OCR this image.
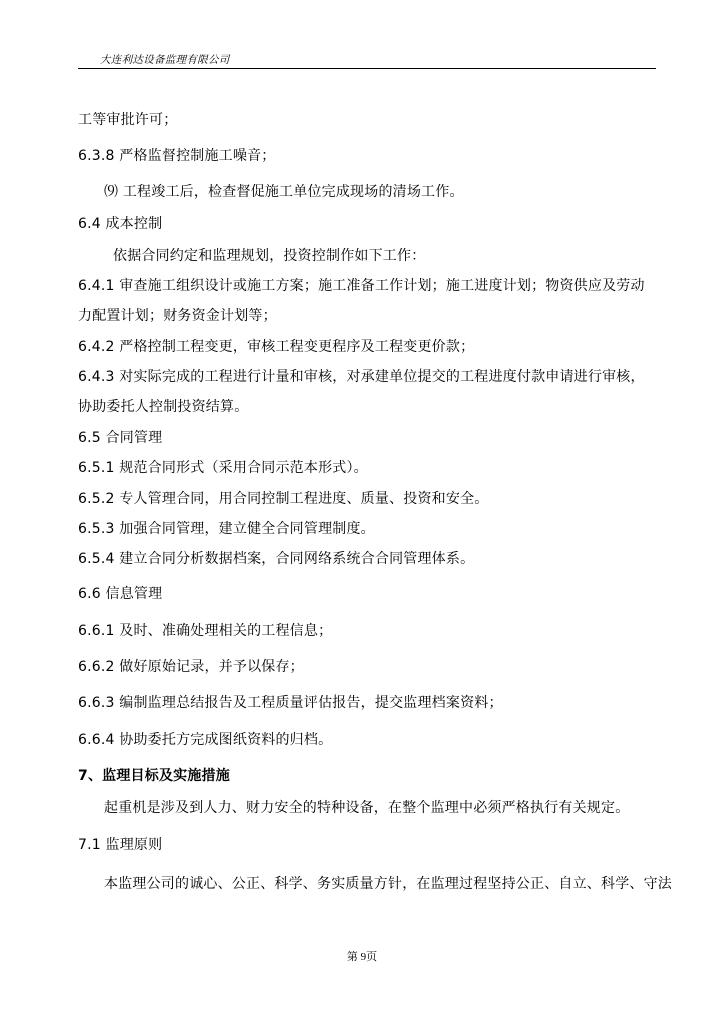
大连利达设备监理有限公司
工等审批许可；
6.3.8 严格监督控制施工噪音；
⑼ 工程竣工后，检查督促施工单位完成现场的清场工作。
6.4 成本控制
依据合同约定和监理规划，投资控制作如下工作：
6.4.1 审查施工组织设计或施工方案；施工准备工作计划；施工进度计划；物资供应及劳动
力配置计划；财务资金计划等；
6.4.2 严格控制工程变更，审核工程变更程序及工程变更价款；
6.4.3 对实际完成的工程进行计量和审核，对承建单位提交的工程进度付款申请进行审核，
协助委托人控制投资结算。
6.5 合同管理
6.5.1 规范合同形式（采用合同示范本形式）。
6.5.2 专人管理合同，用合同控制工程进度、质量、投资和安全。
6.5.3 加强合同管理，建立健全合同管理制度。
6.5.4 建立合同分析数据档案，合同网络系统合合同管理体系。
6.6 信息管理
6.6.1 及时、准确处理相关的工程信息；
6.6.2 做好原始记录，并予以保存；
6.6.3 编制监理总结报告及工程质量评估报告，提交监理档案资料；
6.6.4 协助委托方完成图纸资料的归档。
7、监理目标及实施措施
起重机是涉及到人力、财力安全的特种设备，在整个监理中必须严格执行有关规定。
7.1 监理原则
本监理公司的诚心、公正、科学、务实质量方针，在监理过程坚持公正、自立、科学、守法
第 9页
